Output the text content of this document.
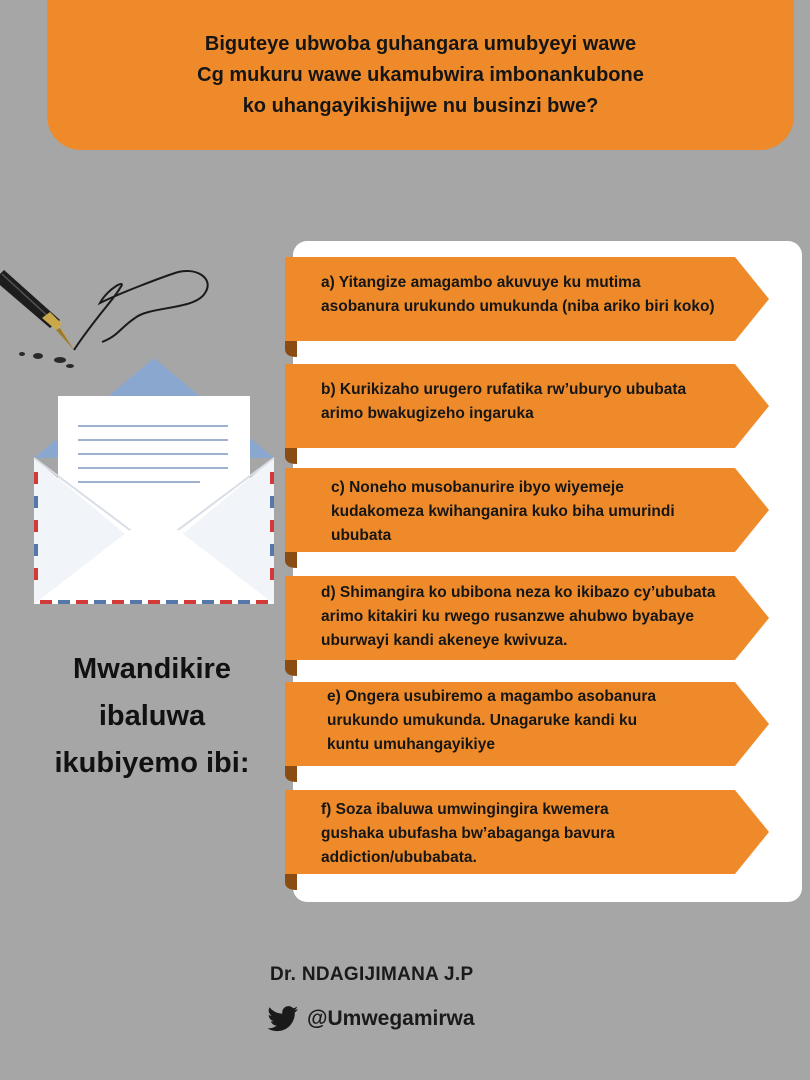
Biguteye ubwoba guhangara umubyeyi wawe
Cg mukuru wawe ukamubwira imbonankubone
ko uhangayikishijwe nu businzi bwe?
Mwandikire
ibaluwa
ikubiyemo ibi:
a) Yitangize amagambo akuvuye ku mutima
asobanura urukundo umukunda (niba ariko biri koko)
b) Kurikizaho urugero rufatika rw’uburyo ububata
arimo bwakugizeho ingaruka
c) Noneho musobanurire ibyo wiyemeje
kudakomeza kwihanganira kuko biha umurindi
ububata
d) Shimangira ko ubibona neza ko ikibazo cy’ububata
arimo kitakiri ku rwego rusanzwe ahubwo byabaye
uburwayi kandi akeneye kwivuza.
e) Ongera usubiremo a magambo asobanura
urukundo umukunda. Unagaruke kandi ku
kuntu umuhangayikiye
f) Soza ibaluwa umwingingira kwemera
gushaka ubufasha bw’abaganga bavura
addiction/ububabata.
Dr. NDAGIJIMANA J.P
@Umwegamirwa
